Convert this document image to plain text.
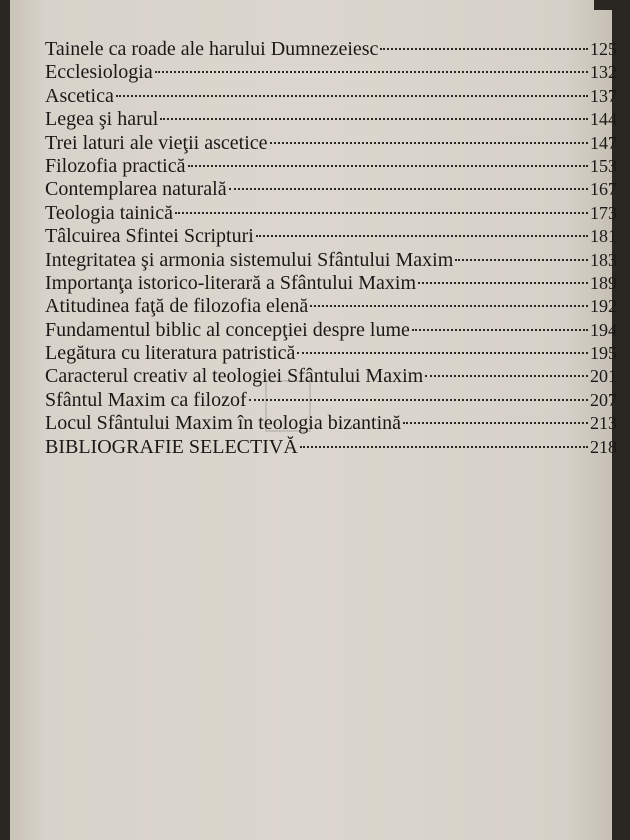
Tainele ca roade ale harului Dumnezeiesc	125
Ecclesiologia	132
Ascetica	137
Legea şi harul	144
Trei laturi ale vieţii ascetice	147
Filozofia practică	153
Contemplarea naturală	167
Teologia tainică	173
Tâlcuirea Sfintei Scripturi	181
Integritatea şi armonia sistemului Sfântului Maxim	183
Importanţa istorico-literară a Sfântului Maxim	189
Atitudinea faţă de filozofia elenă	192
Fundamentul biblic al concepţiei despre lume	194
Legătura cu literatura patristică	195
Caracterul creativ al teologiei Sfântului Maxim	201
Sfântul Maxim ca filozof	207
Locul Sfântului Maxim în teologia bizantină	213
BIBLIOGRAFIE SELECTIVĂ	218
